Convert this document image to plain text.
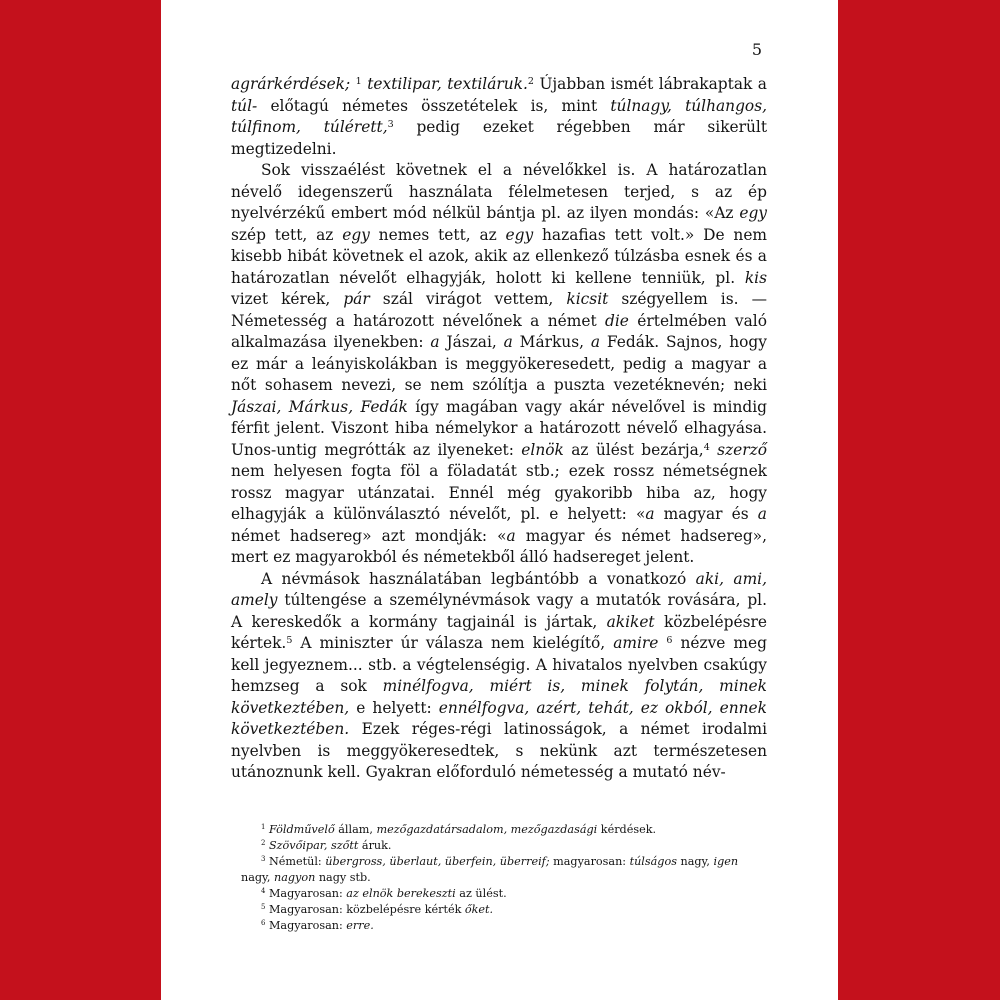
5

agrárkérdések; $^1$ textilipar, textiláruk.$^2$ Újabban ismét lábrakaptak a túl- előtagú németes összetételek is, mint túlnagy, túlhangos, túlfinom, túlérett,$^3$ pedig ezeket régebben már sikerült megtizedelni.

Sok visszaélést követnek el a névelőkkel is. A határozatlan névelő idegenszerű használata félelmetesen terjed, s az ép nyelvérzékű embert mód nélkül bántja pl. az ilyen mondás: «Az egy szép tett, az egy nemes tett, az egy hazafias tett volt.» De nem kisebb hibát követnek el azok, akik az ellenkező túlzásba esnek és a határozatlan névelőt elhagyják, holott ki kellene tenniük, pl. kis vizet kérek, pár szál virágot vettem, kicsit szégyellem is. — Németesség a határozott névelőnek a német die értelmében való alkalmazása ilyenekben: a Jászai, a Márkus, a Fedák. Sajnos, hogy ez már a leányiskolákban is meggyökeresedett, pedig a magyar a nőt sohasem nevezi, se nem szólítja a puszta vezetéknevén; neki Jászai, Márkus, Fedák így magában vagy akár névelővel is mindig férfit jelent. Viszont hiba némelykor a határozott névelő elhagyása. Unos-untig megrótták az ilyeneket: elnök az ülést bezárja,$^4$ szerző nem helyesen fogta föl a föladatát stb.; ezek rossz németségnek rossz magyar utánzatai. Ennél még gyakoribb hiba az, hogy elhagyják a különválasztó névelőt, pl. e helyett: «a magyar és a német hadsereg» azt mondják: «a magyar és német hadsereg», mert ez magyarokból és németekből álló hadsereget jelent.

A névmások használatában legbántóbb a vonatkozó aki, ami, amely túltengése a személynévmások vagy a mutatók rovására, pl. A kereskedők a kormány tagjainál is jártak, akiket közbelépésre kértek.$^5$ A miniszter úr válasza nem kielégítő, amire $^6$ nézve meg kell jegyeznem... stb. a végtelenségig. A hivatalos nyelvben csakúgy hemzseg a sok minélfogva, miért is, minek folytán, minek következtében, e helyett: ennélfogva, azért, tehát, ez okból, ennek következtében. Ezek réges-régi latinosságok, a német irodalmi nyelvben is meggyökeresedtek, s nekünk azt természetesen utánoznunk kell. Gyakran előforduló németesség a mutató név-

$^1$ Földművelő állam, mezőgazdatársadalom, mezőgazdasági kérdések.

$^2$ Szövőipar, szőtt áruk.

$^3$ Németül: übergross, überlaut, überfein, überreif; magyarosan: túlságos nagy, igen nagy, nagyon nagy stb.

$^4$ Magyarosan: az elnök berekeszti az ülést.

$^5$ Magyarosan: közbelépésre kérték őket.

$^6$ Magyarosan: erre.
